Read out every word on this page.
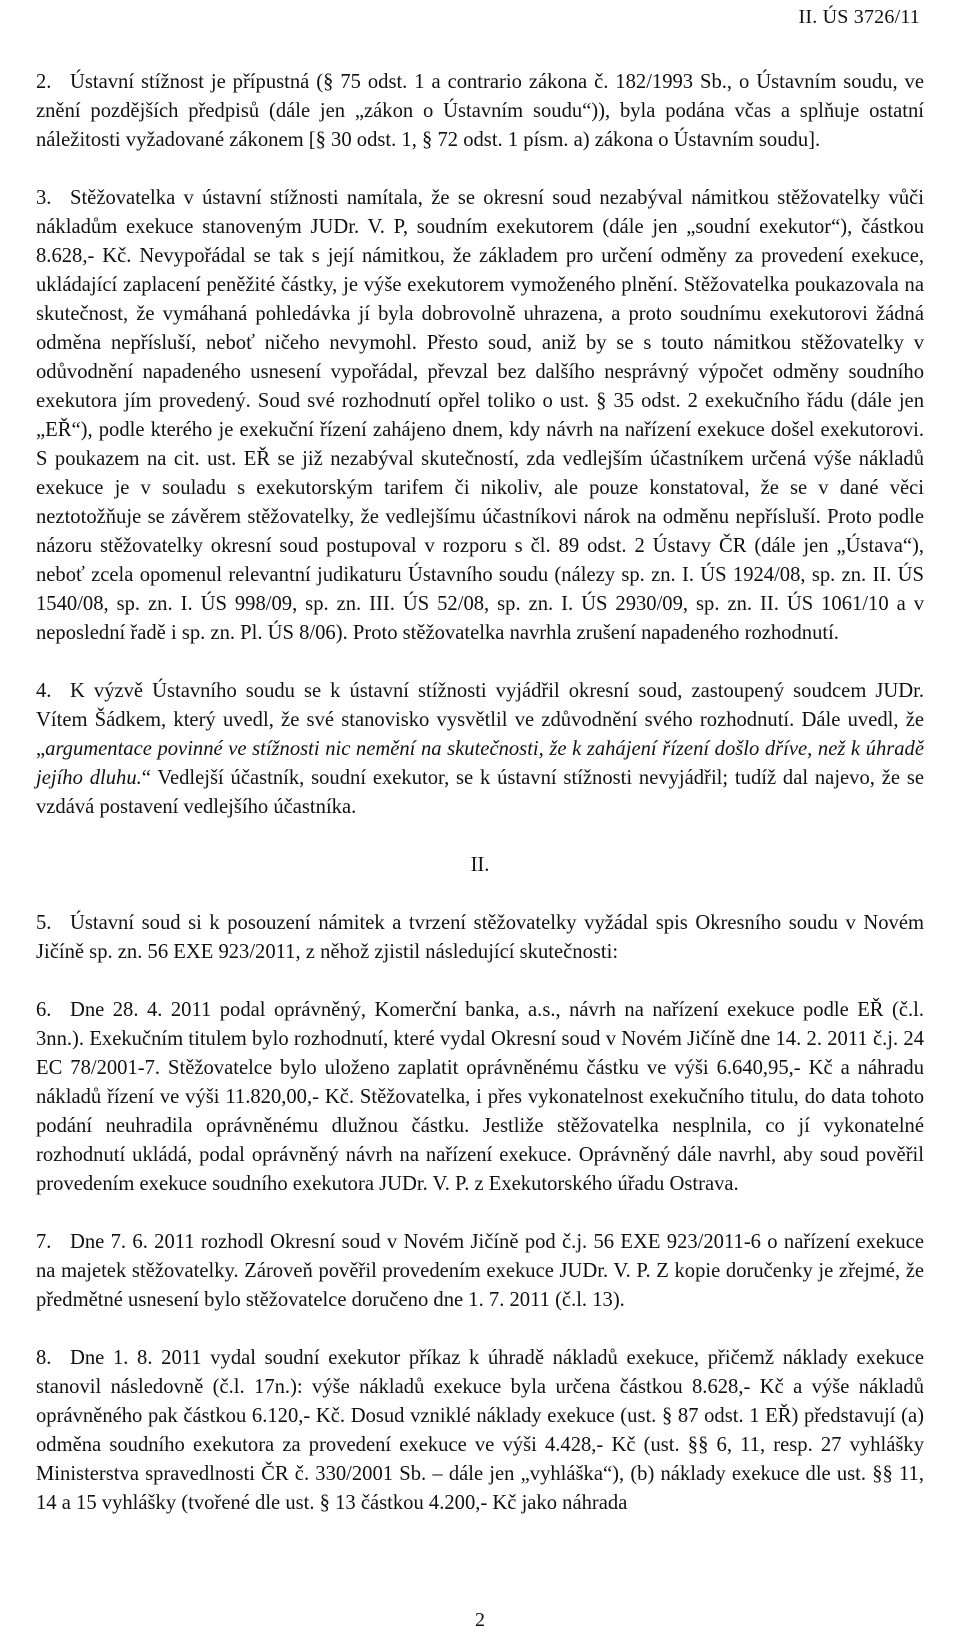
II. ÚS 3726/11

2. Ústavní stížnost je přípustná (§ 75 odst. 1 a contrario zákona č. 182/1993 Sb., o Ústavním soudu, ve znění pozdějších předpisů (dále jen „zákon o Ústavním soudu“)), byla podána včas a splňuje ostatní náležitosti vyžadované zákonem [§ 30 odst. 1, § 72 odst. 1 písm. a) zákona o Ústavním soudu].

3. Stěžovatelka v ústavní stížnosti namítala, že se okresní soud nezabýval námitkou stěžovatelky vůči nákladům exekuce stanoveným JUDr. V. P, soudním exekutorem (dále jen „soudní exekutor“), částkou 8.628,- Kč. Nevypořádal se tak s její námitkou, že základem pro určení odměny za provedení exekuce, ukládající zaplacení peněžité částky, je výše exekutorem vymoženého plnění. Stěžovatelka poukazovala na skutečnost, že vymáhaná pohledávka jí byla dobrovolně uhrazena, a proto soudnímu exekutorovi žádná odměna nepřísluší, neboť ničeho nevymohl. Přesto soud, aniž by se s touto námitkou stěžovatelky v odůvodnění napadeného usnesení vypořádal, převzal bez dalšího nesprávný výpočet odměny soudního exekutora jím provedený. Soud své rozhodnutí opřel toliko o ust. § 35 odst. 2 exekučního řádu (dále jen „EŘ“), podle kterého je exekuční řízení zahájeno dnem, kdy návrh na nařízení exekuce došel exekutorovi. S poukazem na cit. ust. EŘ se již nezabýval skutečností, zda vedlejším účastníkem určená výše nákladů exekuce je v souladu s exekutorským tarifem či nikoliv, ale pouze konstatoval, že se v dané věci neztotožňuje se závěrem stěžovatelky, že vedlejšímu účastníkovi nárok na odměnu nepřísluší. Proto podle názoru stěžovatelky okresní soud postupoval v rozporu s čl. 89 odst. 2 Ústavy ČR (dále jen „Ústava“), neboť zcela opomenul relevantní judikaturu Ústavního soudu (nálezy sp. zn. I. ÚS 1924/08, sp. zn. II. ÚS 1540/08, sp. zn. I. ÚS 998/09, sp. zn. III. ÚS 52/08, sp. zn. I. ÚS 2930/09, sp. zn. II. ÚS 1061/10 a v neposlední řadě i sp. zn. Pl. ÚS 8/06). Proto stěžovatelka navrhla zrušení napadeného rozhodnutí.

4. K výzvě Ústavního soudu se k ústavní stížnosti vyjádřil okresní soud, zastoupený soudcem JUDr. Vítem Šádkem, který uvedl, že své stanovisko vysvětlil ve zdůvodnění svého rozhodnutí. Dále uvedl, že „argumentace povinné ve stížnosti nic nemění na skutečnosti, že k zahájení řízení došlo dříve, než k úhradě jejího dluhu.“ Vedlejší účastník, soudní exekutor, se k ústavní stížnosti nevyjádřil; tudíž dal najevo, že se vzdává postavení vedlejšího účastníka.

II.

5. Ústavní soud si k posouzení námitek a tvrzení stěžovatelky vyžádal spis Okresního soudu v Novém Jičíně sp. zn. 56 EXE 923/2011, z něhož zjistil následující skutečnosti:

6. Dne 28. 4. 2011 podal oprávněný, Komerční banka, a.s., návrh na nařízení exekuce podle EŘ (č.l. 3nn.). Exekučním titulem bylo rozhodnutí, které vydal Okresní soud v Novém Jičíně dne 14. 2. 2011 č.j. 24 EC 78/2001-7. Stěžovatelce bylo uloženo zaplatit oprávněnému částku ve výši 6.640,95,- Kč a náhradu nákladů řízení ve výši 11.820,00,- Kč. Stěžovatelka, i přes vykonatelnost exekučního titulu, do data tohoto podání neuhradila oprávněnému dlužnou částku. Jestliže stěžovatelka nesplnila, co jí vykonatelné rozhodnutí ukládá, podal oprávněný návrh na nařízení exekuce. Oprávněný dále navrhl, aby soud pověřil provedením exekuce soudního exekutora JUDr. V. P. z Exekutorského úřadu Ostrava.

7. Dne 7. 6. 2011 rozhodl Okresní soud v Novém Jičíně pod č.j. 56 EXE 923/2011-6 o nařízení exekuce na majetek stěžovatelky. Zároveň pověřil provedením exekuce JUDr. V. P. Z kopie doručenky je zřejmé, že předmětné usnesení bylo stěžovatelce doručeno dne 1. 7. 2011 (č.l. 13).

8. Dne 1. 8. 2011 vydal soudní exekutor příkaz k úhradě nákladů exekuce, přičemž náklady exekuce stanovil následovně (č.l. 17n.): výše nákladů exekuce byla určena částkou 8.628,- Kč a výše nákladů oprávněného pak částkou 6.120,- Kč. Dosud vzniklé náklady exekuce (ust. § 87 odst. 1 EŘ) představují (a) odměna soudního exekutora za provedení exekuce ve výši 4.428,- Kč (ust. §§ 6, 11, resp. 27 vyhlášky Ministerstva spravedlnosti ČR č. 330/2001 Sb. – dále jen „vyhláška“), (b) náklady exekuce dle ust. §§ 11, 14 a 15 vyhlášky (tvořené dle ust. § 13 částkou 4.200,- Kč jako náhrada

2
